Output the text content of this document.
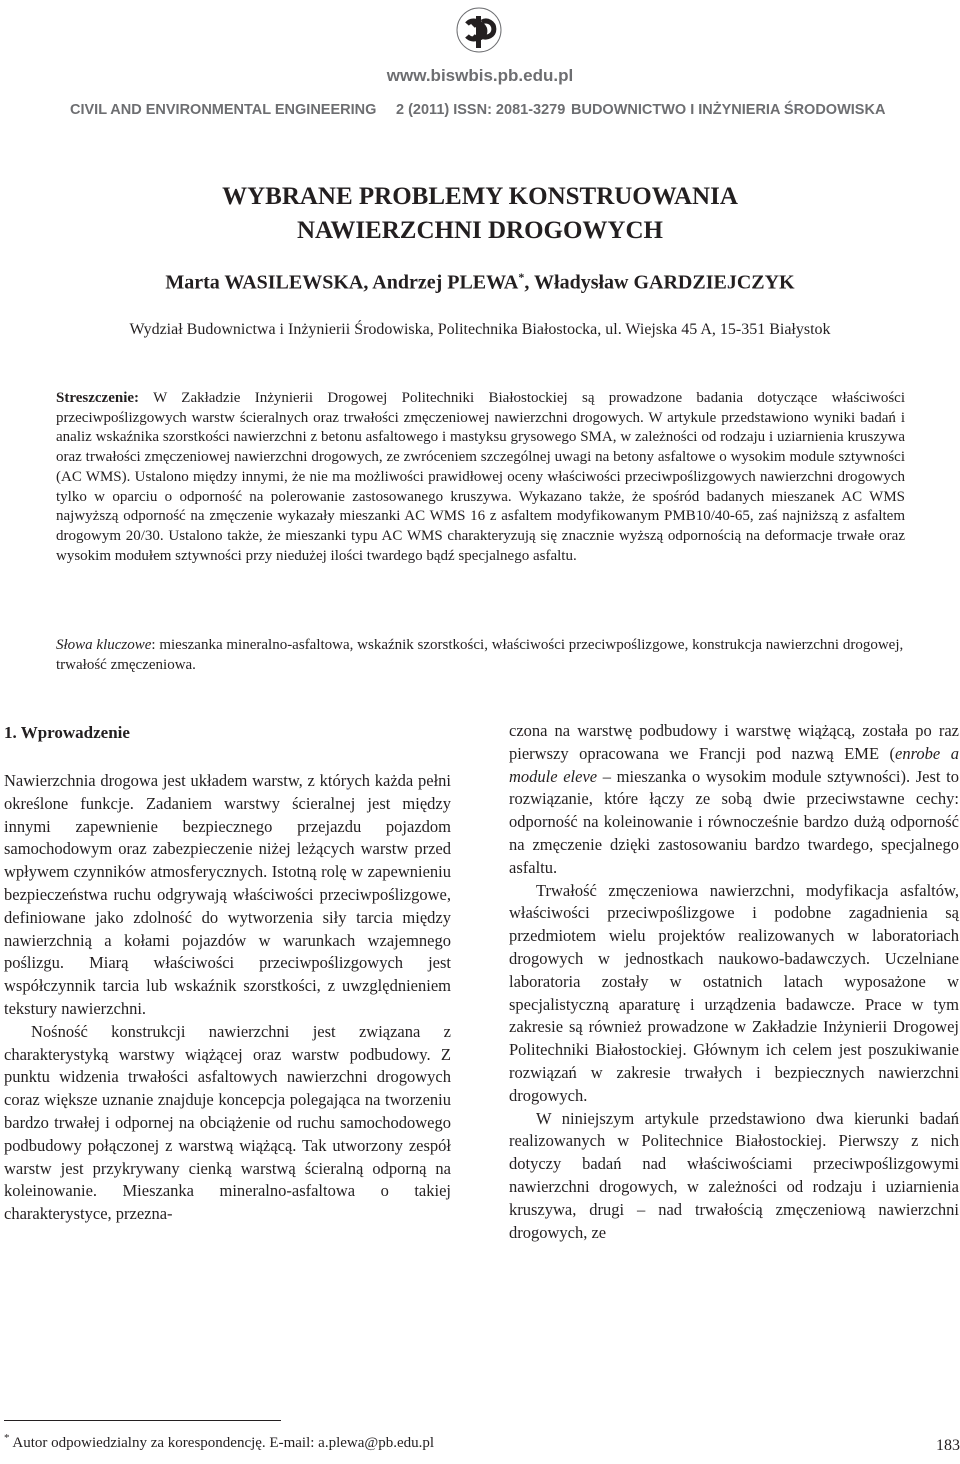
www.biswbis.pb.edu.pl
CIVIL AND ENVIRONMENTAL ENGINEERING 2 (2011) ISSN: 2081-3279 BUDOWNICTWO I INŻYNIERIA ŚRODOWISKA
WYBRANE PROBLEMY KONSTRUOWANIA
NAWIERZCHNI DROGOWYCH
Marta WASILEWSKA, Andrzej PLEWA*, Władysław GARDZIEJCZYK
Wydział Budownictwa i Inżynierii Środowiska, Politechnika Białostocka, ul. Wiejska 45 A, 15-351 Białystok

Streszczenie: W Zakładzie Inżynierii Drogowej Politechniki Białostockiej są prowadzone badania dotyczące właściwości przeciwpoślizgowych warstw ścieralnych oraz trwałości zmęczeniowej nawierzchni drogowych. W artykule przedstawiono wyniki badań i analiz wskaźnika szorstkości nawierzchni z betonu asfaltowego i mastyksu grysowego SMA, w zależności od rodzaju i uziarnienia kruszywa oraz trwałości zmęczeniowej nawierzchni drogowych, ze zwróceniem szczególnej uwagi na betony asfaltowe o wysokim module sztywności (AC WMS). Ustalono między innymi, że nie ma możliwości prawidłowej oceny właściwości przeciwpoślizgowych nawierzchni drogowych tylko w oparciu o odporność na polerowanie zastosowanego kruszywa. Wykazano także, że spośród badanych mieszanek AC WMS najwyższą odporność na zmęczenie wykazały mieszanki AC WMS 16 z asfaltem modyfikowanym PMB10/40-65, zaś najniższą z asfaltem drogowym 20/30. Ustalono także, że mieszanki typu AC WMS charakteryzują się znacznie wyższą odpornością na deformacje trwałe oraz wysokim modułem sztywności przy niedużej ilości twardego bądź specjalnego asfaltu.

Słowa kluczowe: mieszanka mineralno-asfaltowa, wskaźnik szorstkości, właściwości przeciwpoślizgowe, konstrukcja nawierzchni drogowej, trwałość zmęczeniowa.
1. Wprowadzenie

Nawierzchnia drogowa jest układem warstw, z których każda pełni określone funkcje. Zadaniem warstwy ścieralnej jest między innymi zapewnienie bezpiecznego przejazdu pojazdom samochodowym oraz zabezpieczenie niżej leżących warstw przed wpływem czynników atmosferycznych. Istotną rolę w zapewnieniu bezpieczeństwa ruchu odgrywają właściwości przeciwpoślizgowe, definiowane jako zdolność do wytworzenia siły tarcia między nawierzchnią a kołami pojazdów w warunkach wzajemnego poślizgu. Miarą właściwości przeciwpoślizgowych jest współczynnik tarcia lub wskaźnik szorstkości, z uwzględnieniem tekstury nawierzchni.

Nośność konstrukcji nawierzchni jest związana z charakterystyką warstwy wiążącej oraz warstw podbudowy. Z punktu widzenia trwałości asfaltowych nawierzchni drogowych coraz większe uznanie znajduje koncepcja polegająca na tworzeniu bardzo trwałej i odpornej na obciążenie od ruchu samochodowego podbudowy połączonej z warstwą wiążącą. Tak utworzony zespół warstw jest przykrywany cienką warstwą ścieralną odporną na koleinowanie. Mieszanka mineralno-asfaltowa o takiej charakterystyce, przezna-

czona na warstwę podbudowy i warstwę wiążącą, została po raz pierwszy opracowana we Francji pod nazwą EME (enrobe a module eleve – mieszanka o wysokim module sztywności). Jest to rozwiązanie, które łączy ze sobą dwie przeciwstawne cechy: odporność na koleinowanie i równocześnie bardzo dużą odporność na zmęczenie dzięki zastosowaniu bardzo twardego, specjalnego asfaltu.

Trwałość zmęczeniowa nawierzchni, modyfikacja asfaltów, właściwości przeciwpoślizgowe i podobne zagadnienia są przedmiotem wielu projektów realizowanych w laboratoriach drogowych w jednostkach naukowo-badawczych. Uczelniane laboratoria zostały w ostatnich latach wyposażone w specjalistyczną aparaturę i urządzenia badawcze. Prace w tym zakresie są również prowadzone w Zakładzie Inżynierii Drogowej Politechniki Białostockiej. Głównym ich celem jest poszukiwanie rozwiązań w zakresie trwałych i bezpiecznych nawierzchni drogowych.

W niniejszym artykule przedstawiono dwa kierunki badań realizowanych w Politechnice Białostockiej. Pierwszy z nich dotyczy badań nad właściwościami przeciwpoślizgowymi nawierzchni drogowych, w zależności od rodzaju i uziarnienia kruszywa, drugi – nad trwałością zmęczeniową nawierzchni drogowych, ze

* Autor odpowiedzialny za korespondencję. E-mail: a.plewa@pb.edu.pl	183
